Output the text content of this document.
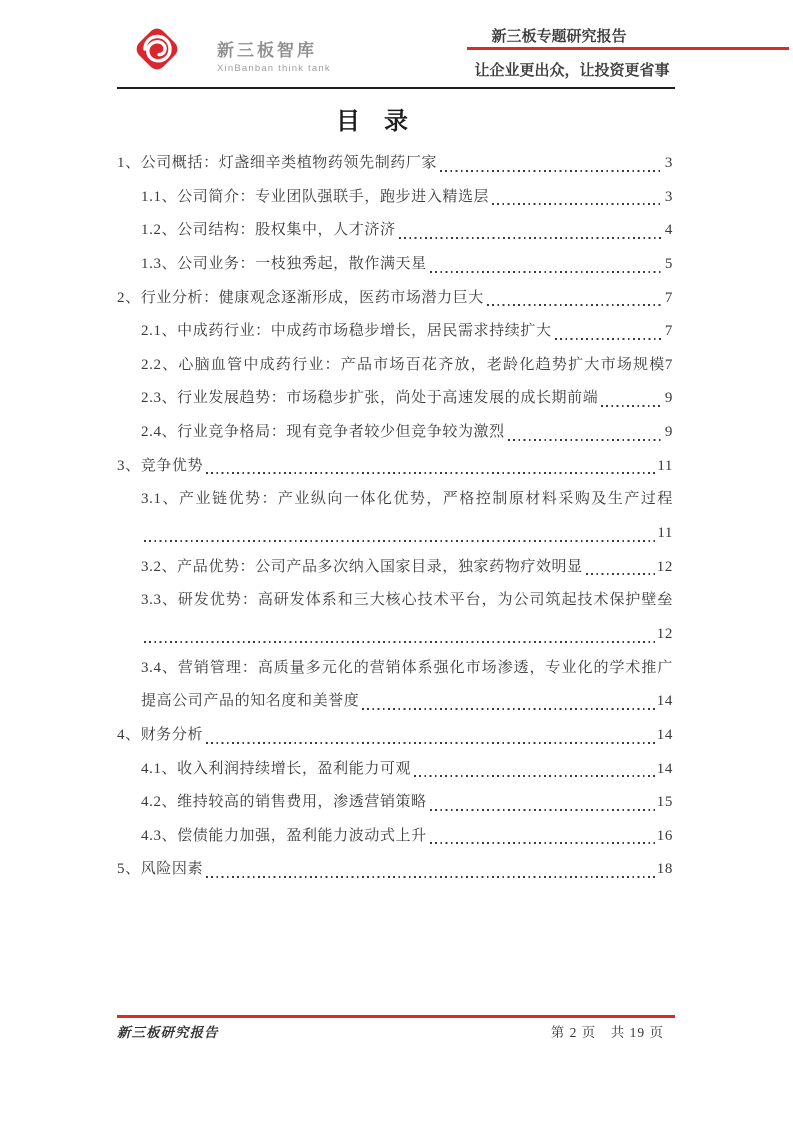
新三板智库
XinBanban think tank
新三板专题研究报告
让企业更出众，让投资更省事
目 录
1、公司概括：灯盏细辛类植物药领先制药厂家	3
1.1、公司简介：专业团队强联手，跑步进入精选层	3
1.2、公司结构：股权集中，人才济济	4
1.3、公司业务：一枝独秀起，散作满天星	5
2、行业分析：健康观念逐渐形成，医药市场潜力巨大	7
2.1、中成药行业：中成药市场稳步增长，居民需求持续扩大	7
2.2、心脑血管中成药行业：产品市场百花齐放，老龄化趋势扩大市场规模 7
2.3、行业发展趋势：市场稳步扩张，尚处于高速发展的成长期前端	9
2.4、行业竞争格局：现有竞争者较少但竞争较为激烈	9
3、竞争优势	11
3.1、产业链优势：产业纵向一体化优势，严格控制原材料采购及生产过程
11
3.2、产品优势：公司产品多次纳入国家目录，独家药物疗效明显	12
3.3、研发优势：高研发体系和三大核心技术平台，为公司筑起技术保护壁垒
12
3.4、营销管理：高质量多元化的营销体系强化市场渗透，专业化的学术推广
提高公司产品的知名度和美誉度	14
4、财务分析	14
4.1、收入利润持续增长，盈利能力可观	14
4.2、维持较高的销售费用，渗透营销策略	15
4.3、偿债能力加强，盈利能力波动式上升	16
5、风险因素	18
新三板研究报告	第 2 页　共 19 页
